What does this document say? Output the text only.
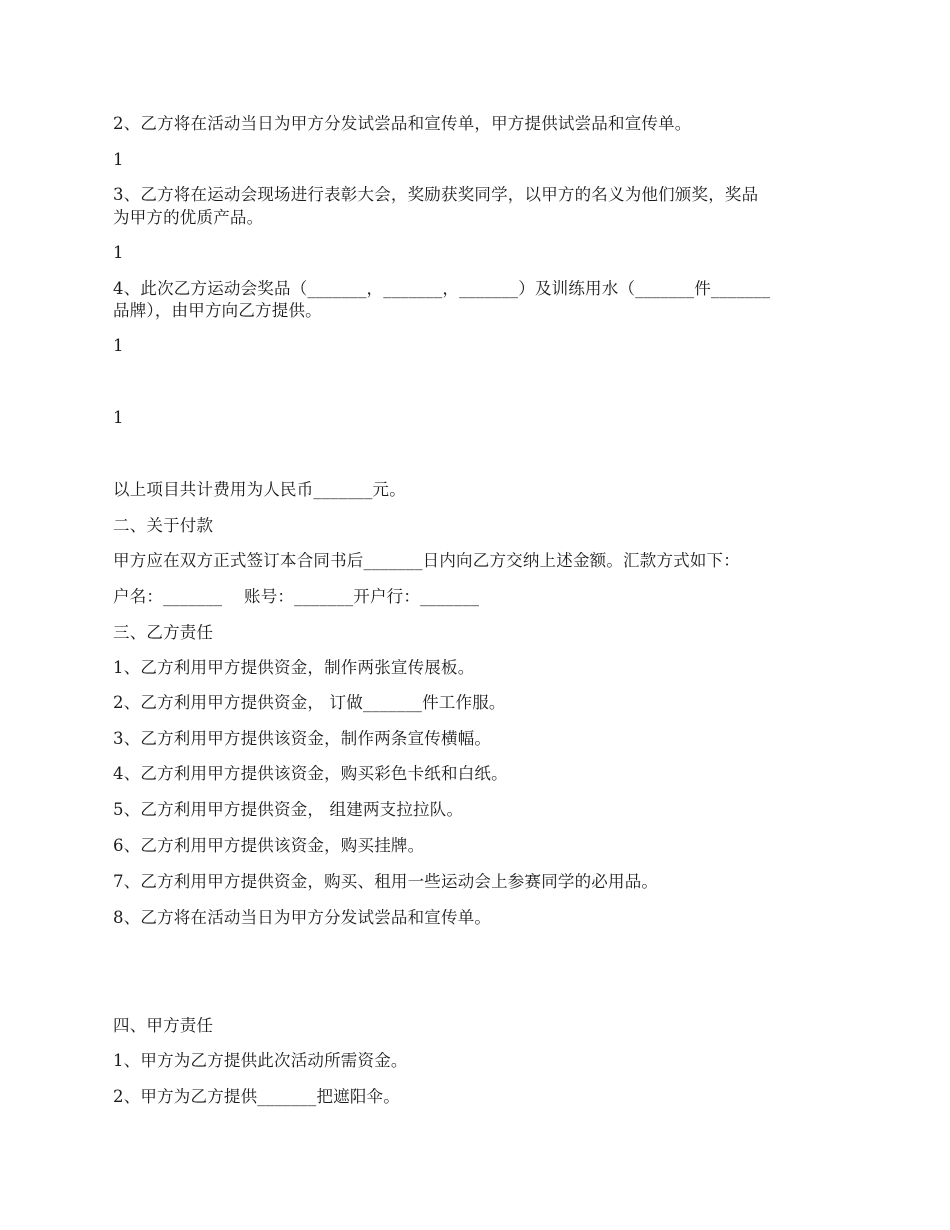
2、乙方将在活动当日为甲方分发试尝品和宣传单，甲方提供试尝品和宣传单。
1
3、乙方将在运动会现场进行表彰大会，奖励获奖同学，以甲方的名义为他们颁奖，奖品
为甲方的优质产品。
1
4、此次乙方运动会奖品（_______，_______，_______）及训练用水（_______件_______
品牌），由甲方向乙方提供。
1
1
以上项目共计费用为人民币_______元。
二、关于付款
甲方应在双方正式签订本合同书后_______日内向乙方交纳上述金额。汇款方式如下：
户名：_______    账号：_______开户行：_______
三、乙方责任
1、乙方利用甲方提供资金，制作两张宣传展板。
2、乙方利用甲方提供资金， 订做_______件工作服。
3、乙方利用甲方提供该资金，制作两条宣传横幅。
4、乙方利用甲方提供该资金，购买彩色卡纸和白纸。
5、乙方利用甲方提供资金， 组建两支拉拉队。
6、乙方利用甲方提供该资金，购买挂牌。
7、乙方利用甲方提供资金，购买、租用一些运动会上参赛同学的必用品。
8、乙方将在活动当日为甲方分发试尝品和宣传单。
四、甲方责任
1、甲方为乙方提供此次活动所需资金。
2、甲方为乙方提供_______把遮阳伞。
